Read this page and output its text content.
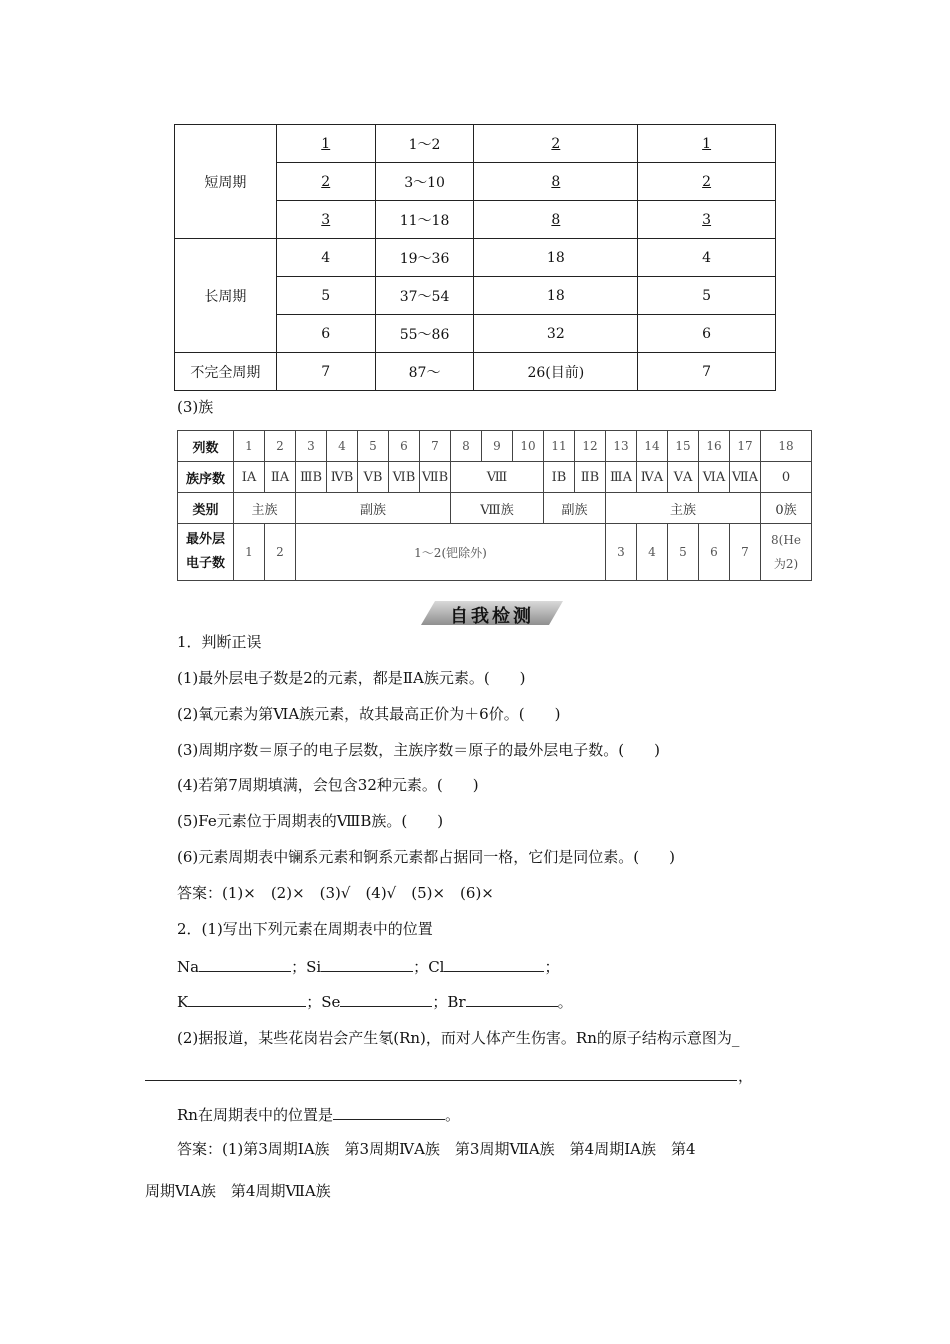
短周期	1	1～2	2	1
	2	3～10	8	2
	3	11～18	8	3
长周期	4	19～36	18	4
	5	37～54	18	5
	6	55～86	32	6
不完全周期	7	87～	26(目前)	7
(3)族
列数	1	2	3	4	5	6	7	8	9	10	11	12	13	14	15	16	17	18
族序数	ⅠA	ⅡA	ⅢB	ⅣB	ⅤB	ⅥB	ⅦB	Ⅷ			ⅠB	ⅡB	ⅢA	ⅣA	ⅤA	ⅥA	ⅦA	0
类别	主族		副族					Ⅷ族			副族		主族					0族
最外层
电子数	1	2	1～2(钯除外)										3	4	5	6	7	8(He
为2)
自我检测
1．判断正误
(1)最外层电子数是2的元素，都是ⅡA族元素。(　　)
(2)氧元素为第ⅥA族元素，故其最高正价为＋6价。(　　)
(3)周期序数＝原子的电子层数，主族序数＝原子的最外层电子数。(　　)
(4)若第7周期填满，会包含32种元素。(　　)
(5)Fe元素位于周期表的ⅧB族。(　　)
(6)元素周期表中镧系元素和锕系元素都占据同一格，它们是同位素。(　　)
答案：(1)×　(2)×　(3)√　(4)√　(5)×　(6)×
2．(1)写出下列元素在周期表中的位置
Na	；Si	；Cl	；
K	；Se	；Br	。
(2)据报道，某些花岗岩会产生氡(Rn)，而对人体产生伤害。Rn的原子结构示意图为_
，
Rn在周期表中的位置是	。
答案：(1)第3周期ⅠA族　第3周期ⅣA族　第3周期ⅦA族　第4周期ⅠA族　第4
周期ⅥA族　第4周期ⅦA族
